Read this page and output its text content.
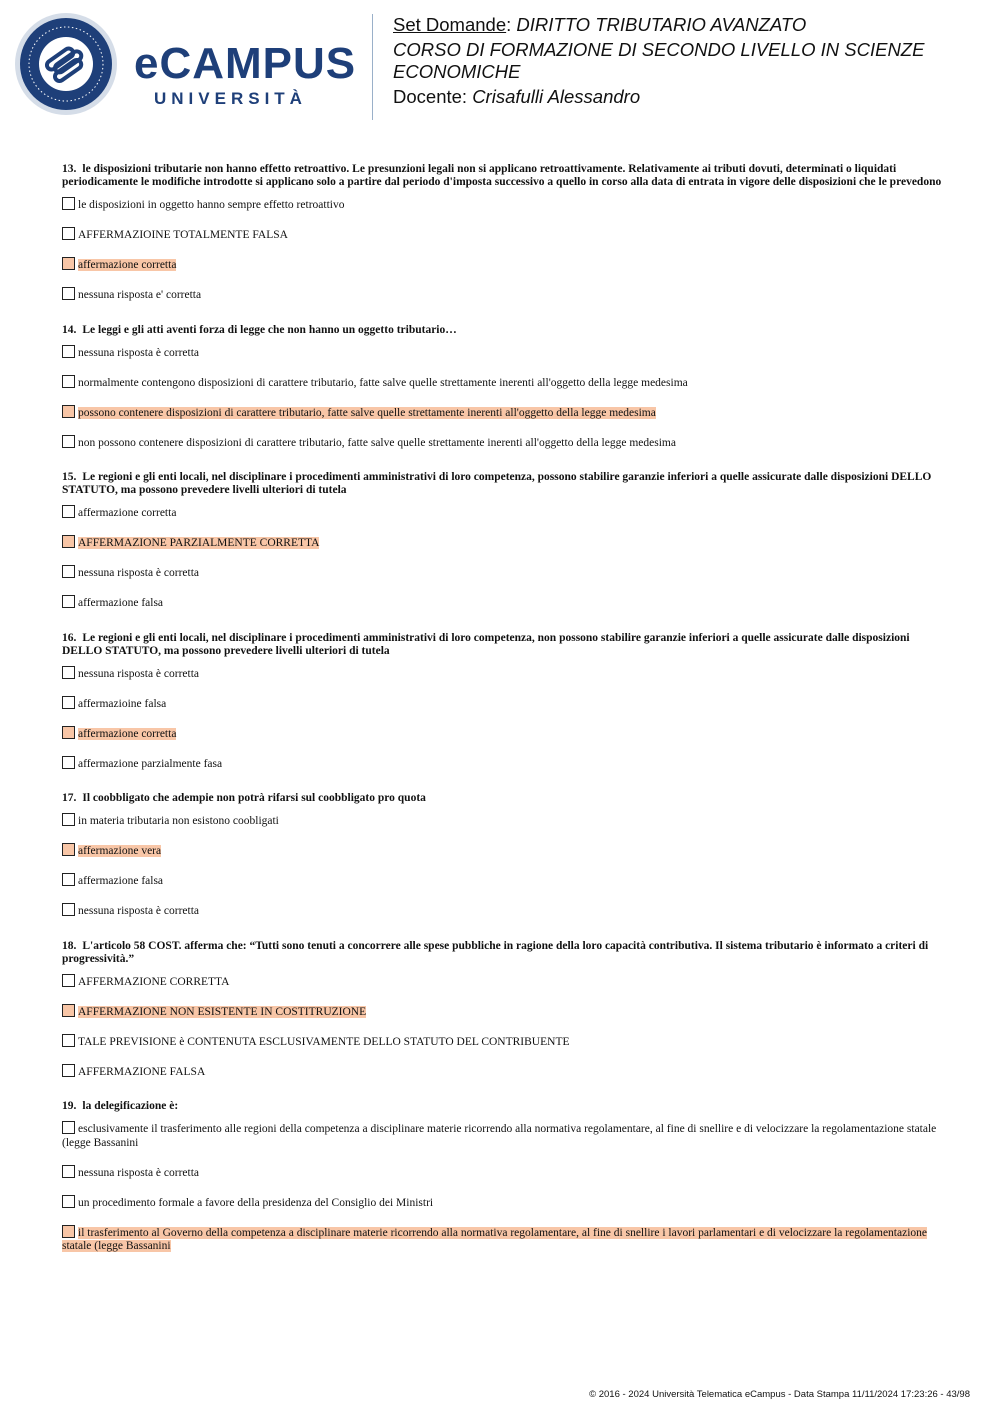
eCAMPUS
UNIVERSITÀ
Set Domande: DIRITTO TRIBUTARIO AVANZATO
CORSO DI FORMAZIONE DI SECONDO LIVELLO IN SCIENZE ECONOMICHE
Docente: Crisafulli Alessandro
13. le disposizioni tributarie non hanno effetto retroattivo. Le presunzioni legali non si applicano retroattivamente. Relativamente ai tributi dovuti, determinati o liquidati periodicamente le modifiche introdotte si applicano solo a partire dal periodo d'imposta successivo a quello in corso alla data di entrata in vigore delle disposizioni che le prevedono
le disposizioni in oggetto hanno sempre effetto retroattivo
AFFERMAZIOINE TOTALMENTE FALSA
affermazione corretta
nessuna risposta e' corretta
14. Le leggi e gli atti aventi forza di legge che non hanno un oggetto tributario…
nessuna risposta è corretta
normalmente contengono disposizioni di carattere tributario, fatte salve quelle strettamente inerenti all'oggetto della legge medesima
possono contenere disposizioni di carattere tributario, fatte salve quelle strettamente inerenti all'oggetto della legge medesima
non possono contenere disposizioni di carattere tributario, fatte salve quelle strettamente inerenti all'oggetto della legge medesima
15. Le regioni e gli enti locali, nel disciplinare i procedimenti amministrativi di loro competenza, possono stabilire garanzie inferiori a quelle assicurate dalle disposizioni DELLO STATUTO, ma possono prevedere livelli ulteriori di tutela
affermazione corretta
AFFERMAZIONE PARZIALMENTE CORRETTA
nessuna risposta è corretta
affermazione falsa
16. Le regioni e gli enti locali, nel disciplinare i procedimenti amministrativi di loro competenza, non possono stabilire garanzie inferiori a quelle assicurate dalle disposizioni DELLO STATUTO, ma possono prevedere livelli ulteriori di tutela
nessuna risposta è corretta
affermazioine falsa
affermazione corretta
affermazione parzialmente fasa
17. Il coobbligato che adempie non potrà rifarsi sul coobbligato pro quota
in materia tributaria non esistono coobligati
affermazione vera
affermazione falsa
nessuna risposta è corretta
18. L'articolo 58 COST. afferma che: “Tutti sono tenuti a concorrere alle spese pubbliche in ragione della loro capacità contributiva. Il sistema tributario è informato a criteri di progressività.”
AFFERMAZIONE CORRETTA
AFFERMAZIONE NON ESISTENTE IN COSTITRUZIONE
TALE PREVISIONE è CONTENUTA ESCLUSIVAMENTE DELLO STATUTO DEL CONTRIBUENTE
AFFERMAZIONE FALSA
19. la delegificazione è:
esclusivamente il trasferimento alle regioni della competenza a disciplinare materie ricorrendo alla normativa regolamentare, al fine di snellire e di velocizzare la regolamentazione statale (legge Bassanini
nessuna risposta è corretta
un procedimento formale a favore della presidenza del Consiglio dei Ministri
il trasferimento al Governo della competenza a disciplinare materie ricorrendo alla normativa regolamentare, al fine di snellire i lavori parlamentari e di velocizzare la regolamentazione statale (legge Bassanini
© 2016 - 2024 Università Telematica eCampus - Data Stampa 11/11/2024 17:23:26 - 43/98
